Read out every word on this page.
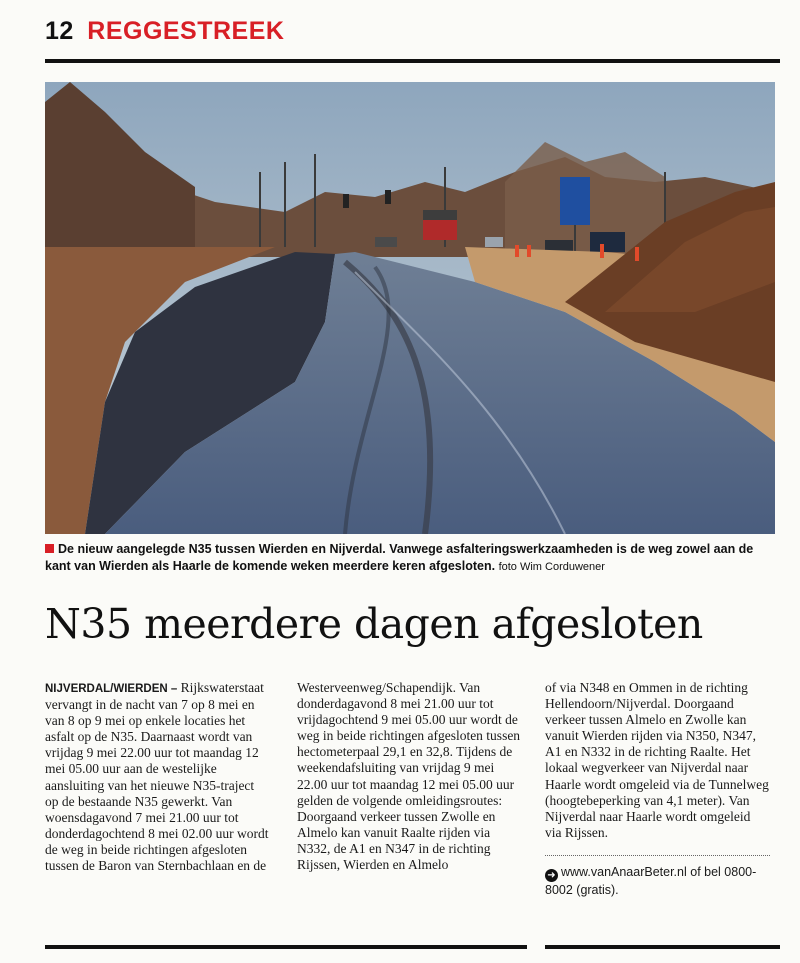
12 REGGESTREEK
De nieuw aangelegde N35 tussen Wierden en Nijverdal. Vanwege asfalteringswerkzaamheden is de weg zowel aan de kant van Wierden als Haarle de komende weken meerdere keren afgesloten. foto Wim Corduwener
N35 meerdere dagen afgesloten

NIJVERDAL/WIERDEN – Rijkswaterstaat vervangt in de nacht van 7 op 8 mei en van 8 op 9 mei op enkele locaties het asfalt op de N35. Daarnaast wordt van vrijdag 9 mei 22.00 uur tot maandag 12 mei 05.00 uur aan de westelijke aansluiting van het nieuwe N35-traject op de bestaande N35 gewerkt. Van woensdagavond 7 mei 21.00 uur tot donderdagochtend 8 mei 02.00 uur wordt de weg in beide richtingen afgesloten tussen de Baron van Sternbachlaan en de

Westerveenweg/Schapendijk. Van donderdagavond 8 mei 21.00 uur tot vrijdagochtend 9 mei 05.00 uur wordt de weg in beide richtingen afgesloten tussen hectometerpaal 29,1 en 32,8. Tijdens de weekendafsluiting van vrijdag 9 mei 22.00 uur tot maandag 12 mei 05.00 uur gelden de volgende omleidingsroutes: Doorgaand verkeer tussen Zwolle en Almelo kan vanuit Raalte rijden via N332, de A1 en N347 in de richting Rijssen, Wierden en Almelo

of via N348 en Ommen in de richting Hellendoorn/Nijverdal. Doorgaand verkeer tussen Almelo en Zwolle kan vanuit Wierden rijden via N350, N347, A1 en N332 in de richting Raalte. Het lokaal wegverkeer van Nijverdal naar Haarle wordt omgeleid via de Tunnelweg (hoogtebeperking van 4,1 meter). Van Nijverdal naar Haarle wordt omgeleid via Rijssen.

➜ www.vanAnaarBeter.nl of bel 0800-8002 (gratis).
